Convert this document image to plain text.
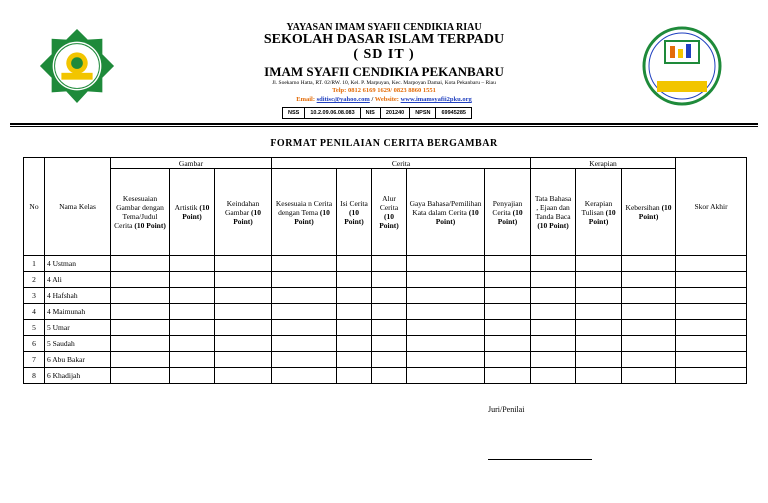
YAYASAN IMAM SYAFII CENDIKIA RIAU
SEKOLAH DASAR ISLAM TERPADU
( SD IT )
IMAM SYAFII CENDIKIA PEKANBARU
Jl. Soekarno Hatta, RT. 02/RW. 10, Kel. P. Marpuyan, Kec. Marpoyan Damai, Kota Pekanbaru – Riau
Telp: 0812 6169 1629/ 0823 8860 1551
Email: sditisc@yahoo.com / Website: www.imamsyafii2pku.org
NSS	10.2.09.06.08.083	NIS	201240	NPSN	69945285
FORMAT PENILAIAN CERITA BERGAMBAR
No	Nama Kelas	Gambar			Cerita					Kerapian			Skor Akhir
		Kesesuaian Gambar dengan Tema/Judul Cerita (10 Point)	Artistik (10 Point)	Keindahan Gambar (10 Point)	Kesesuaia n Cerita dengan Tema (10 Point)	Isi Cerita (10 Point)	Alur Cerita (10 Point)	Gaya Bahasa/Pemilihan Kata dalam Cerita (10 Point)	Penyajian Cerita (10 Point)	Tata Bahasa , Ejaan dan Tanda Baca (10 Point)	Kerapian Tulisan (10 Point)	Kebersihan (10 Point)	
1	4 Ustman												
2	4 Ali												
3	4 Hafshah												
4	4 Maimunah												
5	5 Umar												
6	5 Saudah												
7	6 Abu Bakar												
8	6 Khadijah												
Juri/Penilai
